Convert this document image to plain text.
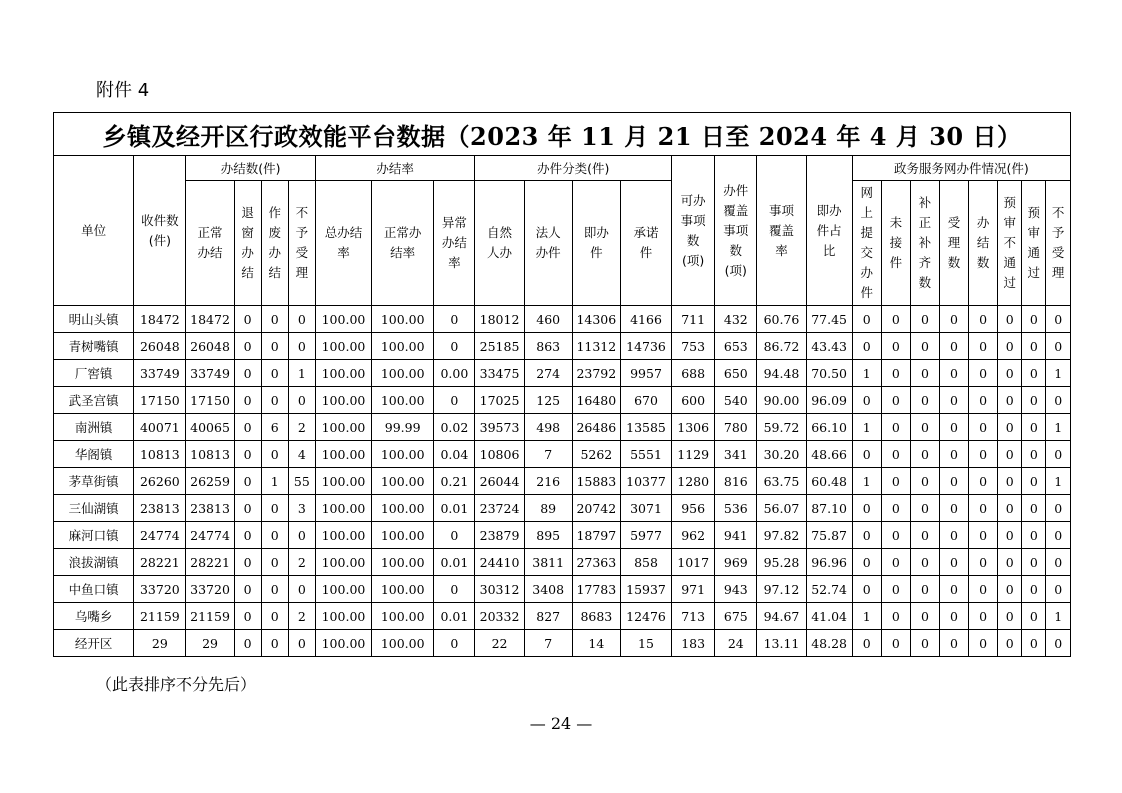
附件 4
乡镇及经开区行政效能平台数据（2023 年 11 月 21 日至 2024 年 4 月 30 日）																								
单位	收件数(件)	办结数(件)				办结率			办件分类(件)				可办事项数(项)	办件覆盖事项数(项)	事项覆盖率	即办件占比	政务服务网办件情况(件)							
		正常办结	退窗办结	作废办结	不予受理	总办结率	正常办结率	异常办结率	自然人办	法人办件	即办件	承诺件					网上提交办件	未接件	补正补齐数	受理数	办结数	预审不通过	预审通过	不予受理
明山头镇	18472	18472	0	0	0	100.00	100.00	0	18012	460	14306	4166	711	432	60.76	77.45	0	0	0	0	0	0	0	0
青树嘴镇	26048	26048	0	0	0	100.00	100.00	0	25185	863	11312	14736	753	653	86.72	43.43	0	0	0	0	0	0	0	0
厂窖镇	33749	33749	0	0	1	100.00	100.00	0.00	33475	274	23792	9957	688	650	94.48	70.50	1	0	0	0	0	0	0	1
武圣宫镇	17150	17150	0	0	0	100.00	100.00	0	17025	125	16480	670	600	540	90.00	96.09	0	0	0	0	0	0	0	0
南洲镇	40071	40065	0	6	2	100.00	99.99	0.02	39573	498	26486	13585	1306	780	59.72	66.10	1	0	0	0	0	0	0	1
华阁镇	10813	10813	0	0	4	100.00	100.00	0.04	10806	7	5262	5551	1129	341	30.20	48.66	0	0	0	0	0	0	0	0
茅草街镇	26260	26259	0	1	55	100.00	100.00	0.21	26044	216	15883	10377	1280	816	63.75	60.48	1	0	0	0	0	0	0	1
三仙湖镇	23813	23813	0	0	3	100.00	100.00	0.01	23724	89	20742	3071	956	536	56.07	87.10	0	0	0	0	0	0	0	0
麻河口镇	24774	24774	0	0	0	100.00	100.00	0	23879	895	18797	5977	962	941	97.82	75.87	0	0	0	0	0	0	0	0
浪拔湖镇	28221	28221	0	0	2	100.00	100.00	0.01	24410	3811	27363	858	1017	969	95.28	96.96	0	0	0	0	0	0	0	0
中鱼口镇	33720	33720	0	0	0	100.00	100.00	0	30312	3408	17783	15937	971	943	97.12	52.74	0	0	0	0	0	0	0	0
乌嘴乡	21159	21159	0	0	2	100.00	100.00	0.01	20332	827	8683	12476	713	675	94.67	41.04	1	0	0	0	0	0	0	1
经开区	29	29	0	0	0	100.00	100.00	0	22	7	14	15	183	24	13.11	48.28	0	0	0	0	0	0	0	0
（此表排序不分先后）
— 24 —
